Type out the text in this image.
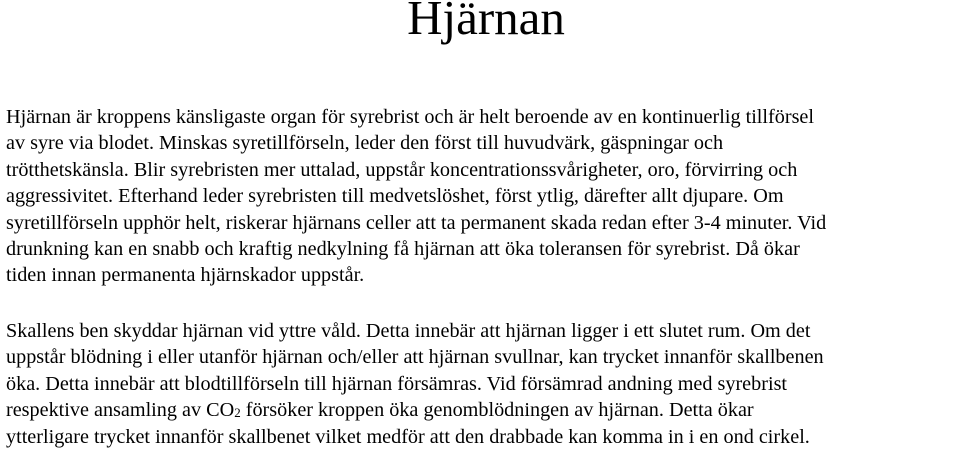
Hjärnan

Hjärnan är kroppens känsligaste organ för syrebrist och är helt beroende av en kontinuerlig tillförsel
av syre via blodet. Minskas syretillförseln, leder den först till huvudvärk, gäspningar och
trötthetskänsla. Blir syrebristen mer uttalad, uppstår koncentrationssvårigheter, oro, förvirring och
aggressivitet. Efterhand leder syrebristen till medvetslöshet, först ytlig, därefter allt djupare. Om
syretillförseln upphör helt, riskerar hjärnans celler att ta permanent skada redan efter 3-4 minuter. Vid
drunkning kan en snabb och kraftig nedkylning få hjärnan att öka toleransen för syrebrist. Då ökar
tiden innan permanenta hjärnskador uppstår.

Skallens ben skyddar hjärnan vid yttre våld. Detta innebär att hjärnan ligger i ett slutet rum. Om det
uppstår blödning i eller utanför hjärnan och/eller att hjärnan svullnar, kan trycket innanför skallbenen
öka. Detta innebär att blodtillförseln till hjärnan försämras. Vid försämrad andning med syrebrist
respektive ansamling av $CO_2$ försöker kroppen öka genomblödningen av hjärnan. Detta ökar
ytterligare trycket innanför skallbenet vilket medför att den drabbade kan komma in i en ond cirkel.
